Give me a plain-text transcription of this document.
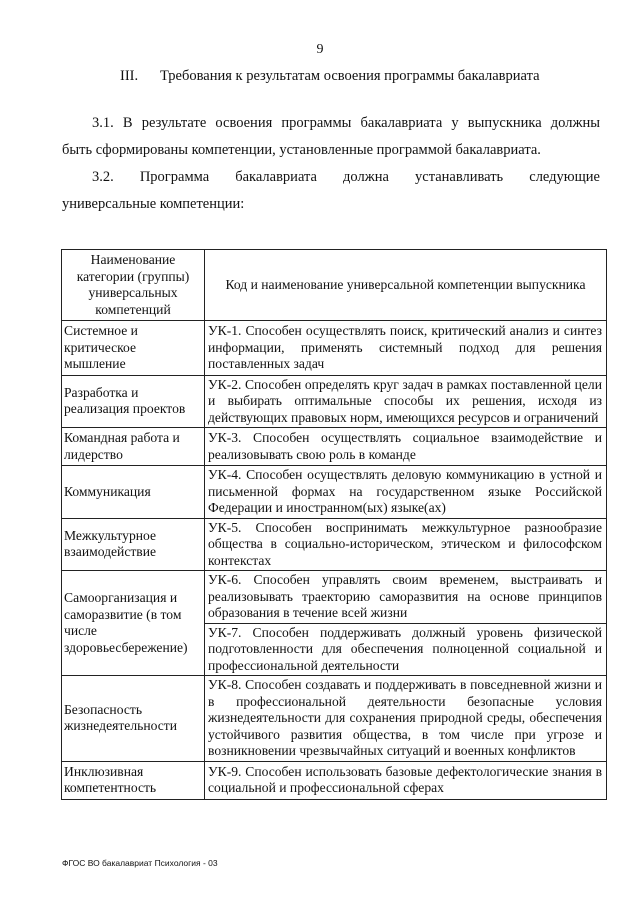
9
III. Требования к результатам освоения программы бакалавриата
3.1. В результате освоения программы бакалавриата у выпускника должны
быть сформированы компетенции, установленные программой бакалавриата.
3.2. Программа бакалавриата должна устанавливать следующие
универсальные компетенции:
Наименование категории (группы) универсальных компетенций	Код и наименование универсальной компетенции выпускника
Системное и критическое мышление	УК-1. Способен осуществлять поиск, критический анализ и синтез информации, применять системный подход для решения поставленных задач
Разработка и реализация проектов	УК-2. Способен определять круг задач в рамках поставленной цели и выбирать оптимальные способы их решения, исходя из действующих правовых норм, имеющихся ресурсов и ограничений
Командная работа и лидерство	УК-3. Способен осуществлять социальное взаимодействие и реализовывать свою роль в команде
Коммуникация	УК-4. Способен осуществлять деловую коммуникацию в устной и письменной формах на государственном языке Российской Федерации и иностранном(ых) языке(ах)
Межкультурное взаимодействие	УК-5. Способен воспринимать межкультурное разнообразие общества в социально-историческом, этическом и философском контекстах
Самоорганизация и саморазвитие (в том числе здоровьесбережение)	УК-6. Способен управлять своим временем, выстраивать и реализовывать траекторию саморазвития на основе принципов образования в течение всей жизни
	УК-7. Способен поддерживать должный уровень физической подготовленности для обеспечения полноценной социальной и профессиональной деятельности
Безопасность жизнедеятельности	УК-8. Способен создавать и поддерживать в повседневной жизни и в профессиональной деятельности безопасные условия жизнедеятельности для сохранения природной среды, обеспечения устойчивого развития общества, в том числе при угрозе и возникновении чрезвычайных ситуаций и военных конфликтов
Инклюзивная компетентность	УК-9. Способен использовать базовые дефектологические знания в социальной и профессиональной сферах
ФГОС ВО бакалавриат Психология - 03
